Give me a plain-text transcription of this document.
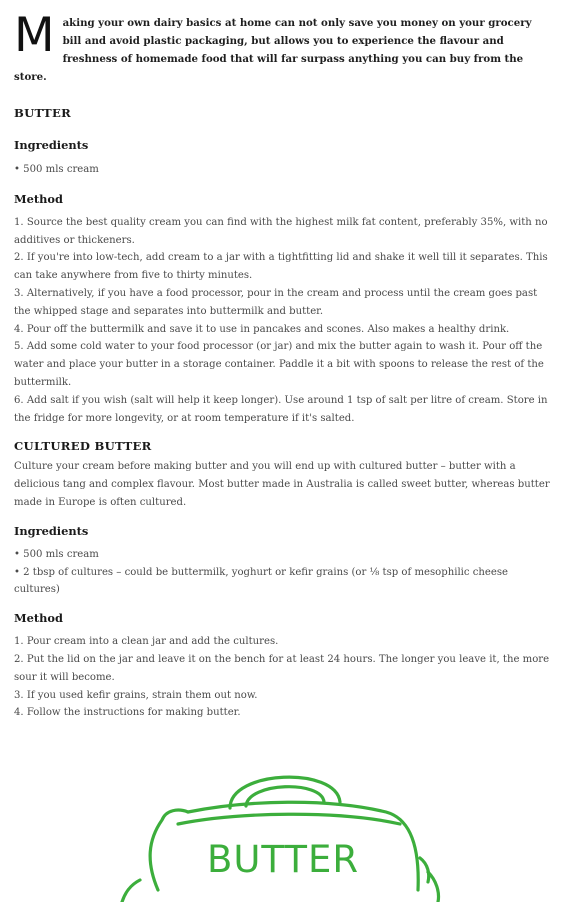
M aking your own dairy basics at home can not only save you money on your grocery bill and avoid plastic packaging, but allows you to experience the flavour and freshness of homemade food that will far surpass anything you can buy from the store.
BUTTER
Ingredients
• 500 mls cream
Method

1. Source the best quality cream you can find with the highest milk fat content, preferably 35%, with no additives or thickeners.

2. If you're into low-tech, add cream to a jar with a tightfitting lid and shake it well till it separates. This can take anywhere from five to thirty minutes.

3. Alternatively, if you have a food processor, pour in the cream and process until the cream goes past the whipped stage and separates into buttermilk and butter.

4. Pour off the buttermilk and save it to use in pancakes and scones. Also makes a healthy drink.

5. Add some cold water to your food processor (or jar) and mix the butter again to wash it. Pour off the water and place your butter in a storage container. Paddle it a bit with spoons to release the rest of the buttermilk.

6. Add salt if you wish (salt will help it keep longer). Use around 1 tsp of salt per litre of cream. Store in the fridge for more longevity, or at room temperature if it's salted.

CULTURED BUTTER

Culture your cream before making butter and you will end up with cultured butter – butter with a delicious tang and complex flavour. Most butter made in Australia is called sweet butter, whereas butter made in Europe is often cultured.

Ingredients
• 500 mls cream
• 2 tbsp of cultures – could be buttermilk, yoghurt or kefir grains (or ⅛ tsp of mesophilic cheese cultures)
Method

1. Pour cream into a clean jar and add the cultures.

2. Put the lid on the jar and leave it on the bench for at least 24 hours. The longer you leave it, the more sour it will become.

3. If you used kefir grains, strain them out now.

4. Follow the instructions for making butter.

BUTTER
